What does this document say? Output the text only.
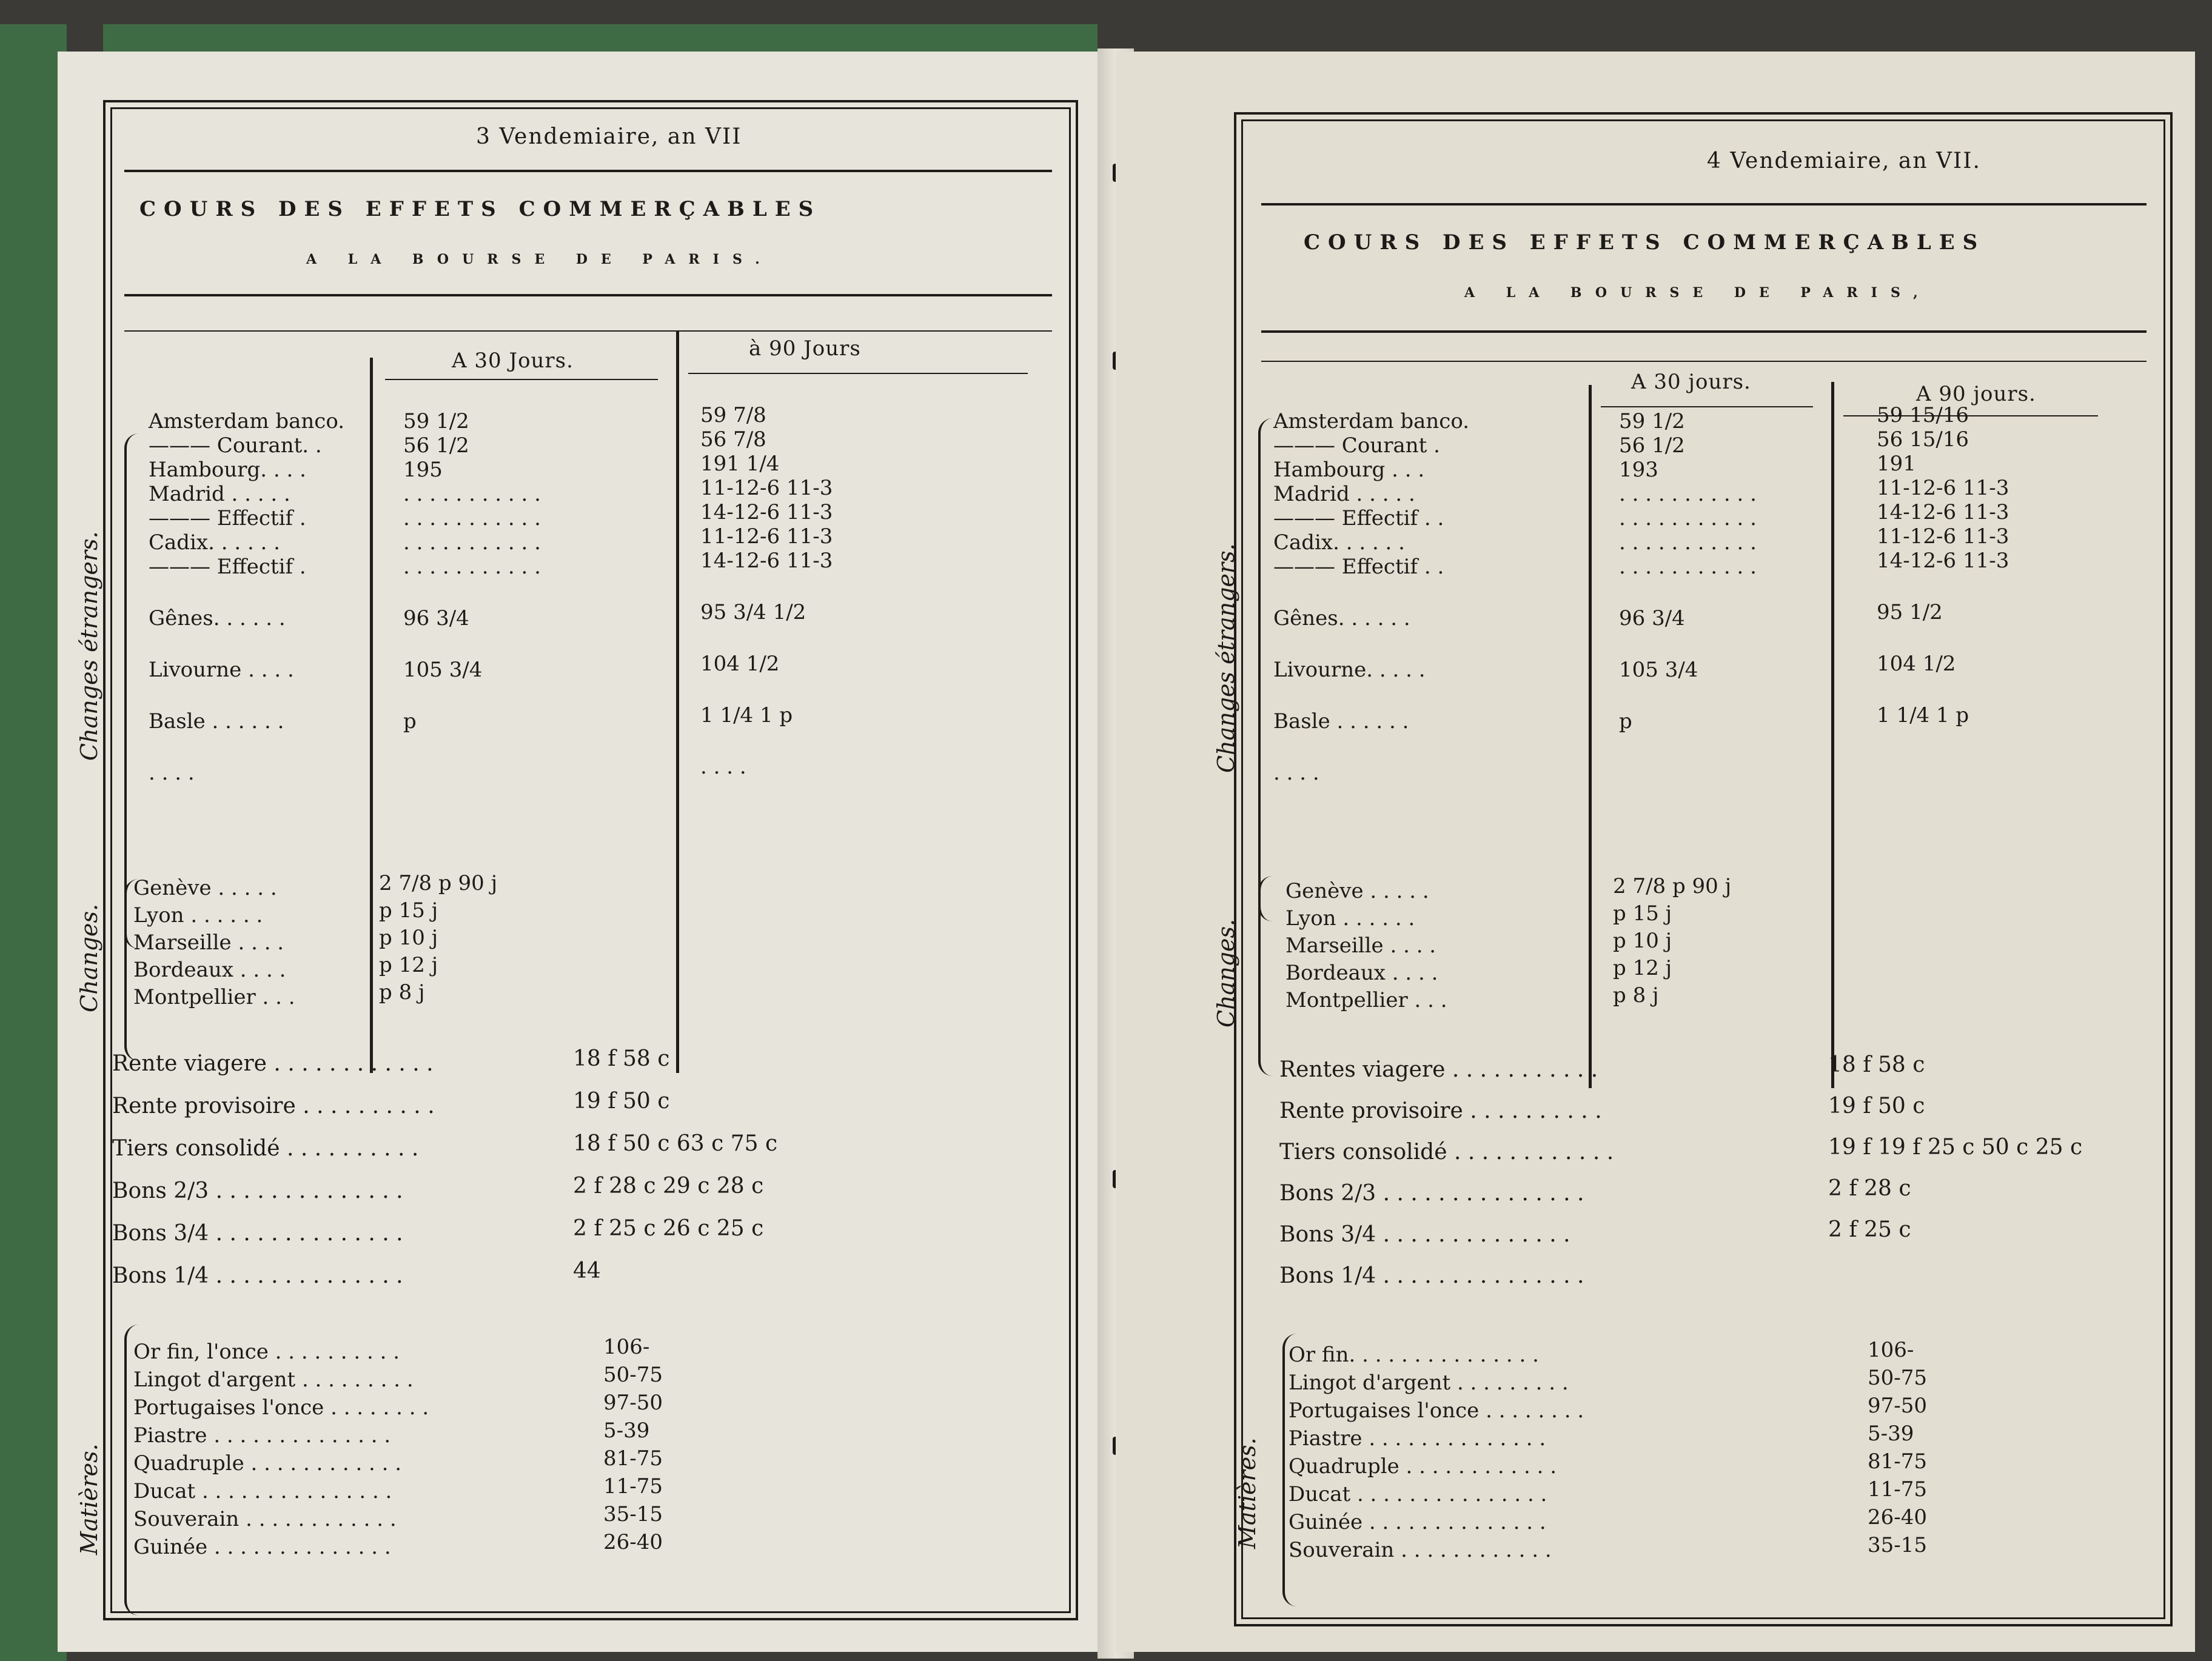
3 Vendemiaire, an VII
COURS DES EFFETS COMMERÇABLES
A LA BOURSE DE PARIS.
A 30 Jours.	à 90 Jours
Changes étrangers.
Amsterdam banco.	59 1/2	59 7/8
——— Courant. .	56 1/2	56 7/8
Hambourg. . . .	195	191 1/4
Madrid . . . . .	. . . . . . . . . . .	11-12-6 11-3
——— Effectif .	. . . . . . . . . . .	14-12-6 11-3
Cadix. . . . . .	. . . . . . . . . . .	11-12-6 11-3
——— Effectif .	. . . . . . . . . . .	14-12-6 11-3
Gênes. . . . . .	96 3/4	95 3/4 1/2
Livourne . . . .	105 3/4	104 1/2
Basle . . . . . .	p	1 1/4 1 p
. . . .	. . . .
Changes.
Genève . . . . .	2 7/8 p 90 j
Lyon . . . . . .	p 15 j
Marseille . . . .	p 10 j
Bordeaux . . . .	p 12 j
Montpellier . . .	p 8 j
Rente viagere . . . . . . . . . . . .	18 f 58 c
Rente provisoire . . . . . . . . . .	19 f 50 c
Tiers consolidé . . . . . . . . . .	18 f 50 c 63 c 75 c
Bons 2/3 . . . . . . . . . . . . . .	2 f 28 c 29 c 28 c
Bons 3/4 . . . . . . . . . . . . . .	2 f 25 c 26 c 25 c
Bons 1/4 . . . . . . . . . . . . . .	44
Matières.
Or fin, l'once . . . . . . . . . .	106-
Lingot d'argent . . . . . . . . .	50-75
Portugaises l'once . . . . . . . .	97-50
Piastre . . . . . . . . . . . . . .	5-39
Quadruple . . . . . . . . . . . .	81-75
Ducat . . . . . . . . . . . . . . .	11-75
Souverain . . . . . . . . . . . .	35-15
Guinée . . . . . . . . . . . . . .	26-40
4 Vendemiaire, an VII.
COURS DES EFFETS COMMERÇABLES
A LA BOURSE DE PARIS,
A 30 jours.	A 90 jours.
Changes étrangers.
Amsterdam banco.	59 1/2	59 15/16
——— Courant .	56 1/2	56 15/16
Hambourg . . .	193	191
Madrid . . . . .	. . . . . . . . . . .	11-12-6 11-3
——— Effectif . .	. . . . . . . . . . .	14-12-6 11-3
Cadix. . . . . .	. . . . . . . . . . .	11-12-6 11-3
——— Effectif . .	. . . . . . . . . . .	14-12-6 11-3
Gênes. . . . . .	96 3/4	95 1/2
Livourne. . . . .	105 3/4	104 1/2
Basle . . . . . .	p	1 1/4 1 p
. . . .
Changes.
Genève . . . . .	2 7/8 p 90 j
Lyon . . . . . .	p 15 j
Marseille . . . .	p 10 j
Bordeaux . . . .	p 12 j
Montpellier . . .	p 8 j
Rentes viagere . . . . . . . . . . .	18 f 58 c
Rente provisoire . . . . . . . . . .	19 f 50 c
Tiers consolidé . . . . . . . . . . . .	19 f 19 f 25 c 50 c 25 c
Bons 2/3 . . . . . . . . . . . . . . .	2 f 28 c
Bons 3/4 . . . . . . . . . . . . . .	2 f 25 c
Bons 1/4 . . . . . . . . . . . . . . .
Matières.
Or fin. . . . . . . . . . . . . . .	106-
Lingot d'argent . . . . . . . . .	50-75
Portugaises l'once . . . . . . . .	97-50
Piastre . . . . . . . . . . . . . .	5-39
Quadruple . . . . . . . . . . . .	81-75
Ducat . . . . . . . . . . . . . . .	11-75
Guinée . . . . . . . . . . . . . .	26-40
Souverain . . . . . . . . . . . .	35-15
